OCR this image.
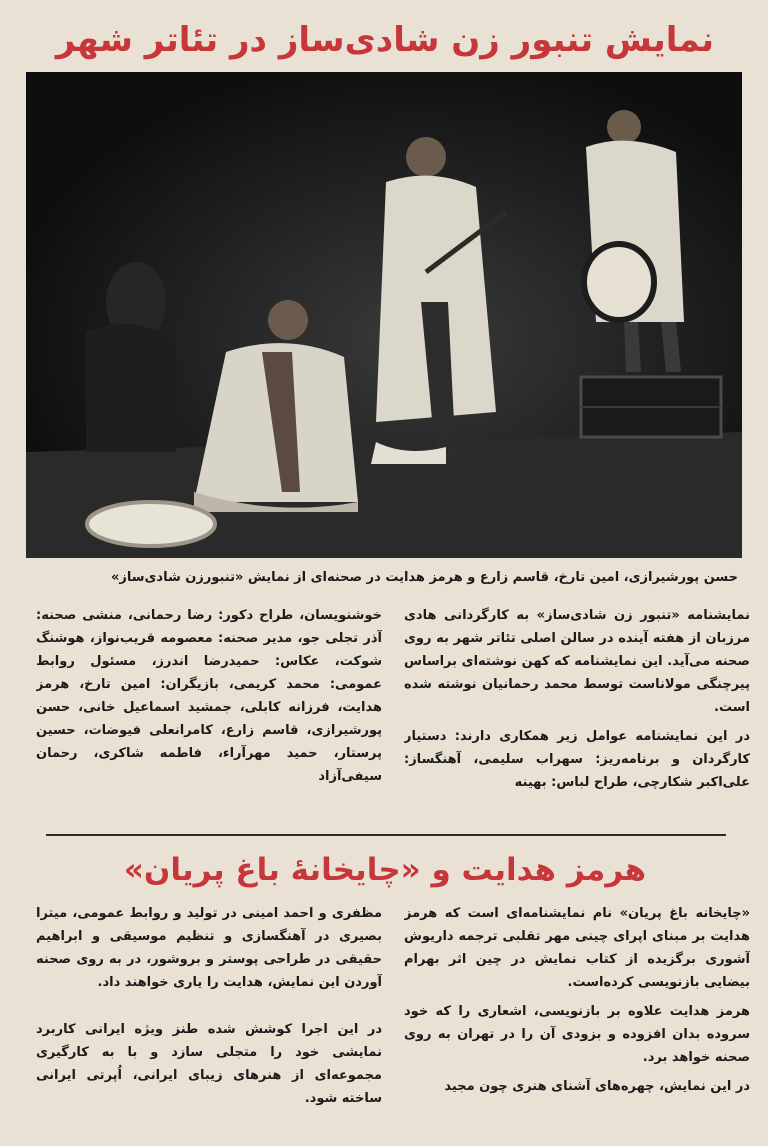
نمایش تنبور زن شادی‌ساز در تئاتر شهر
حسن پورشیرازی، امین تارخ، قاسم زارع و هرمز هدایت در صحنه‌ای از نمایش «تنبورزن شادی‌ساز»

نمایشنامه «تنبور زن شادی‌ساز» به کارگردانی هادی مرزبان از هفته آینده در سالن اصلی تئاتر شهر به روی صحنه می‌آید. این نمایشنامه که کهن نوشته‌ای براساس پیرچنگی مولاناست توسط محمد رحمانیان نوشته شده است.

در این نمایشنامه عوامل زیر همکاری دارند: دستیار کارگردان و برنامه‌ریز: سهراب سلیمی، آهنگساز: علی‌اکبر شکارچی، طراح لباس: بهینه

خوشنویسان، طراح دکور: رضا رحمانی، منشی صحنه: آذر تجلی جو، مدیر صحنه: معصومه قریب‌نواز، هوشنگ شوکت، عکاس: حمیدرضا اندرز، مسئول روابط عمومی: محمد کریمی، بازیگران: امین تارخ، هرمز هدایت، فرزانه کابلی، جمشید اسماعیل خانی، حسن پورشیرازی، قاسم زارع، کامرانعلی فیوضات، حسین پرستار، حمید مهرآراء، فاطمه شاکری، رحمان سیفی‌آزاد

هرمز هدایت و «چایخانهٔ باغ پریان»

«چایخانه باغ پریان» نام نمایشنامه‌ای‌ است که هرمز هدایت بر مبنای اپرای چینی مهر تقلبی ترجمه داریوش آشوری برگزیده از کتاب نمایش در چین اثر بهرام بیضایی بازنویسی کرده‌است.

هرمز هدایت علاوه بر بازنویسی، اشعاری را که خود سروده بدان افزوده و بزودی آن را در تهران به روی صحنه خواهد برد.

در این نمایش، چهره‌های آشنای هنری چون مجید

مظفری و احمد امینی در تولید و روابط عمومی، میترا بصیری در آهنگسازی و تنظیم موسیقی و ابراهیم حقیقی در طراحی پوستر و بروشور، در به روی صحنه آوردن این نمایش، هدایت را یاری خواهند داد.

در این اجرا کوشش شده طنز ویژه ایرانی کاربرد نمایشی خود را متجلی سازد و با به کارگیری مجموعه‌ای از هنرهای زیبای ایرانی، اُپرتی ایرانی ساخته شود.
